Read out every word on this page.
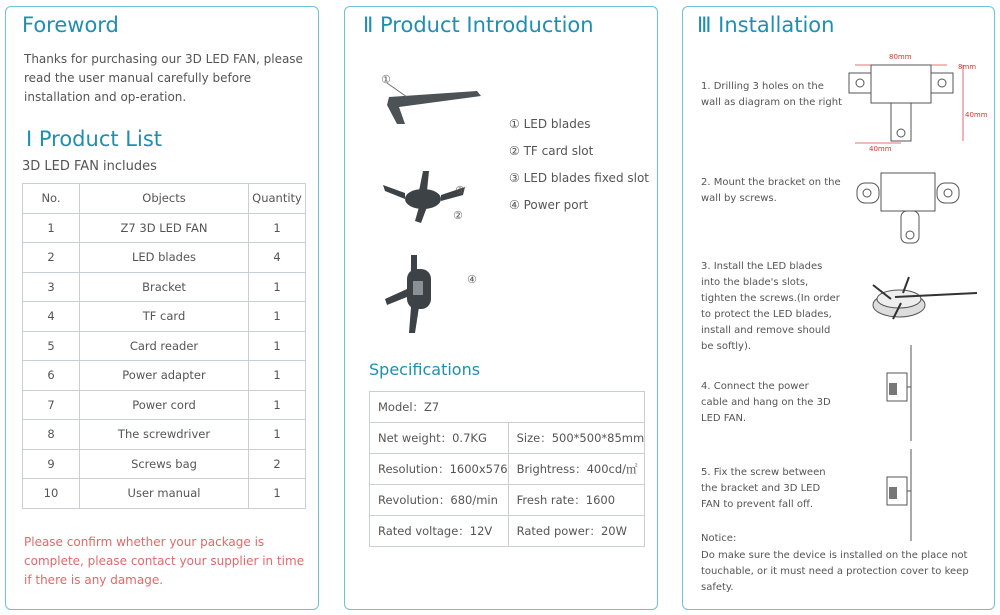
Foreword
Thanks for purchasing our 3D LED FAN, please read the user manual carefully before installation and op-eration.
Ⅰ Product List
3D LED FAN includes
No.	Objects	Quantity
1	Z7 3D LED FAN	1
2	LED blades	4
3	Bracket	1
4	TF card	1
5	Card reader	1
6	Power adapter	1
7	Power cord	1
8	The screwdriver	1
9	Screws bag	2
10	User manual	1
Please confirm whether your package is complete, please contact your supplier in time if there is any damage.
Ⅱ Product Introduction
①
③
②
④
① LED blades
② TF card slot
③ LED blades fixed slot
④ Power port
Specifications
Model：Z7	
Net weight：0.7KG	Size：500*500*85mm
Resolution：1600x576	Brightress：400cd/㎡
Revolution：680/min	Fresh rate：1600
Rated voltage：12V	Rated power：20W
Ⅲ Installation
1. Drilling 3 holes on the wall as diagram on the right
80mm
8mm
40mm
40mm
2. Mount the bracket on the wall by screws.
3. Install the LED blades into the blade's slots, tighten the screws.(In order to protect the LED blades, install and remove should be softly).
4. Connect the power cable and hang on the 3D LED FAN.
5. Fix the screw between the bracket and 3D LED FAN to prevent fall off.
Notice:
Do make sure the device is installed on the place not touchable, or it must need a protection cover to keep safety.
